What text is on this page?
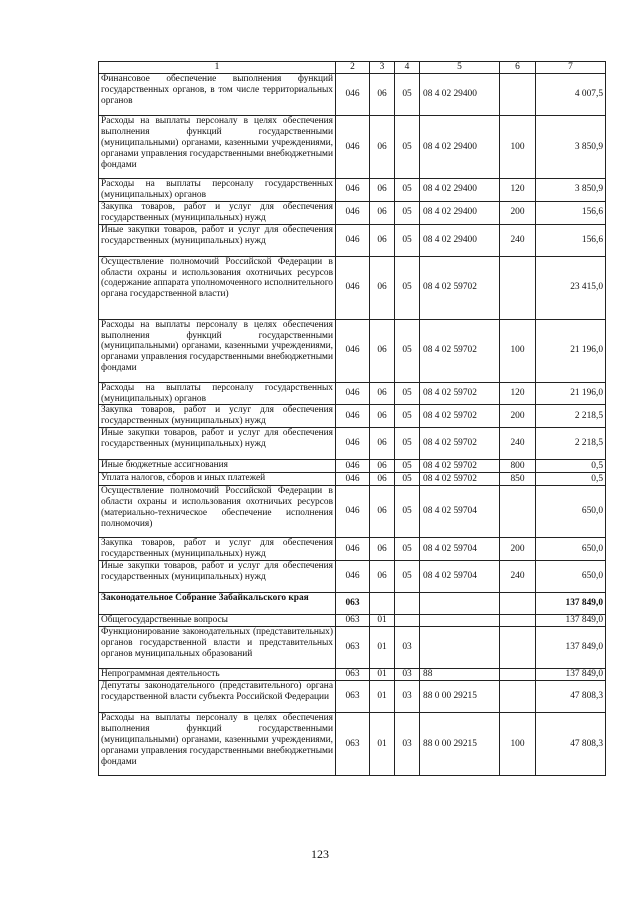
1	2	3	4	5	6	7
Финансовое обеспечение выполнения функций государственных органов, в том числе территориальных органов	046	06	05	08 4 02 29400		4 007,5
Расходы на выплаты персоналу в целях обеспечения выполнения функций государственными (муниципальными) органами, казенными учреждениями, органами управления государственными внебюджетными фондами	046	06	05	08 4 02 29400	100	3 850,9
Расходы на выплаты персоналу государственных (муниципальных) органов	046	06	05	08 4 02 29400	120	3 850,9
Закупка товаров, работ и услуг для обеспечения государственных (муниципальных) нужд	046	06	05	08 4 02 29400	200	156,6
Иные закупки товаров, работ и услуг для обеспечения государственных (муниципальных) нужд	046	06	05	08 4 02 29400	240	156,6
Осуществление полномочий Российской Федерации в области охраны и использования охотничьих ресурсов (содержание аппарата уполномоченного исполнительного органа государственной власти)	046	06	05	08 4 02 59702		23 415,0
Расходы на выплаты персоналу в целях обеспечения выполнения функций государственными (муниципальными) органами, казенными учреждениями, органами управления государственными внебюджетными фондами	046	06	05	08 4 02 59702	100	21 196,0
Расходы на выплаты персоналу государственных (муниципальных) органов	046	06	05	08 4 02 59702	120	21 196,0
Закупка товаров, работ и услуг для обеспечения государственных (муниципальных) нужд	046	06	05	08 4 02 59702	200	2 218,5
Иные закупки товаров, работ и услуг для обеспечения государственных (муниципальных) нужд	046	06	05	08 4 02 59702	240	2 218,5
Иные бюджетные ассигнования	046	06	05	08 4 02 59702	800	0,5
Уплата налогов, сборов и иных платежей	046	06	05	08 4 02 59702	850	0,5
Осуществление полномочий Российской Федерации в области охраны и использования охотничьих ресурсов (материально-техническое обеспечение исполнения полномочия)	046	06	05	08 4 02 59704		650,0
Закупка товаров, работ и услуг для обеспечения государственных (муниципальных) нужд	046	06	05	08 4 02 59704	200	650,0
Иные закупки товаров, работ и услуг для обеспечения государственных (муниципальных) нужд	046	06	05	08 4 02 59704	240	650,0
Законодательное Собрание Забайкальского края	063					137 849,0
Общегосударственные вопросы	063	01				137 849,0
Функционирование законодательных (представительных) органов государственной власти и представительных органов муниципальных образований	063	01	03			137 849,0
Непрограммная деятельность	063	01	03	88		137 849,0
Депутаты законодательного (представительного) органа государственной власти субъекта Российской Федерации	063	01	03	88 0 00 29215		47 808,3
Расходы на выплаты персоналу в целях обеспечения выполнения функций государственными (муниципальными) органами, казенными учреждениями, органами управления государственными внебюджетными фондами	063	01	03	88 0 00 29215	100	47 808,3
123
